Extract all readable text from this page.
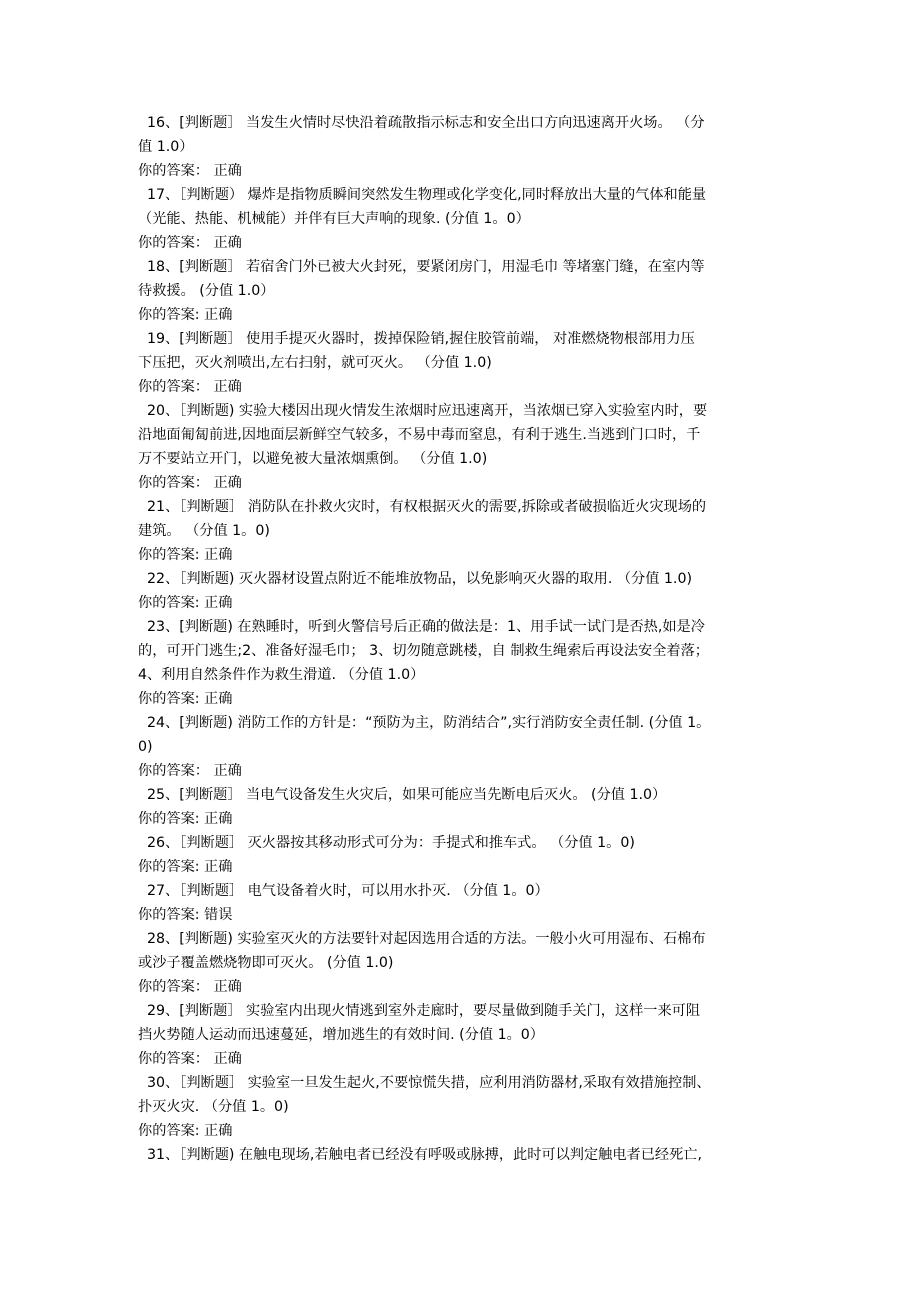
16、[判断题］ 当发生火情时尽快沿着疏散指示标志和安全出口方向迅速离开火场。 （分
值 1.0）
你的答案： 正确
17、［判断题） 爆炸是指物质瞬间突然发生物理或化学变化,同时释放出大量的气体和能量
（光能、热能、机械能）并伴有巨大声响的现象. (分值 1。0）
你的答案： 正确
18、[判断题］ 若宿舍门外已被大火封死，要紧闭房门，用湿毛巾 等堵塞门缝，在室内等
待救援。 (分值 1.0）
你的答案: 正确
19、[判断题］ 使用手提灭火器时，拨掉保险销,握住胶管前端， 对准燃烧物根部用力压
下压把，灭火剂喷出,左右扫射，就可灭火。 （分值 1.0)
你的答案： 正确
20、［判断题) 实验大楼因出现火情发生浓烟时应迅速离开，当浓烟已穿入实验室内时，要
沿地面匍匐前进,因地面层新鲜空气较多，不易中毒而窒息，有利于逃生.当逃到门口时，千
万不要站立开门，以避免被大量浓烟熏倒。 （分值 1.0)
你的答案： 正确
21、［判断题］ 消防队在扑救火灾时，有权根据灭火的需要,拆除或者破损临近火灾现场的
建筑。 （分值 1。0)
你的答案: 正确
22、［判断题) 灭火器材设置点附近不能堆放物品，以免影响灭火器的取用. （分值 1.0)
你的答案: 正确
23、[判断题) 在熟睡时，听到火警信号后正确的做法是：1、用手试一试门是否热,如是冷
的，可开门逃生;2、准备好湿毛巾； 3、切勿随意跳楼，自 制救生绳索后再设法安全着落；
4、利用自然条件作为救生滑道. （分值 1.0）
你的答案: 正确
24、[判断题) 消防工作的方针是：“预防为主，防消结合”,实行消防安全责任制. (分值 1。
0)
你的答案： 正确
25、[判断题］ 当电气设备发生火灾后，如果可能应当先断电后灭火。 (分值 1.0）
你的答案: 正确
26、［判断题］ 灭火器按其移动形式可分为：手提式和推车式。 （分值 1。0)
你的答案: 正确
27、［判断题］ 电气设备着火时，可以用水扑灭. （分值 1。0）
你的答案: 错误
28、[判断题) 实验室灭火的方法要针对起因选用合适的方法。一般小火可用湿布、石棉布
或沙子覆盖燃烧物即可灭火。 (分值 1.0)
你的答案： 正确
29、[判断题］ 实验室内出现火情逃到室外走廊时，要尽量做到随手关门，这样一来可阻
挡火势随人运动而迅速蔓延，增加逃生的有效时间. (分值 1。0）
你的答案： 正确
30、［判断题］ 实验室一旦发生起火,不要惊慌失措，应利用消防器材,采取有效措施控制、
扑灭火灾. （分值 1。0)
你的答案: 正确
31、［判断题) 在触电现场,若触电者已经没有呼吸或脉搏，此时可以判定触电者已经死亡,
